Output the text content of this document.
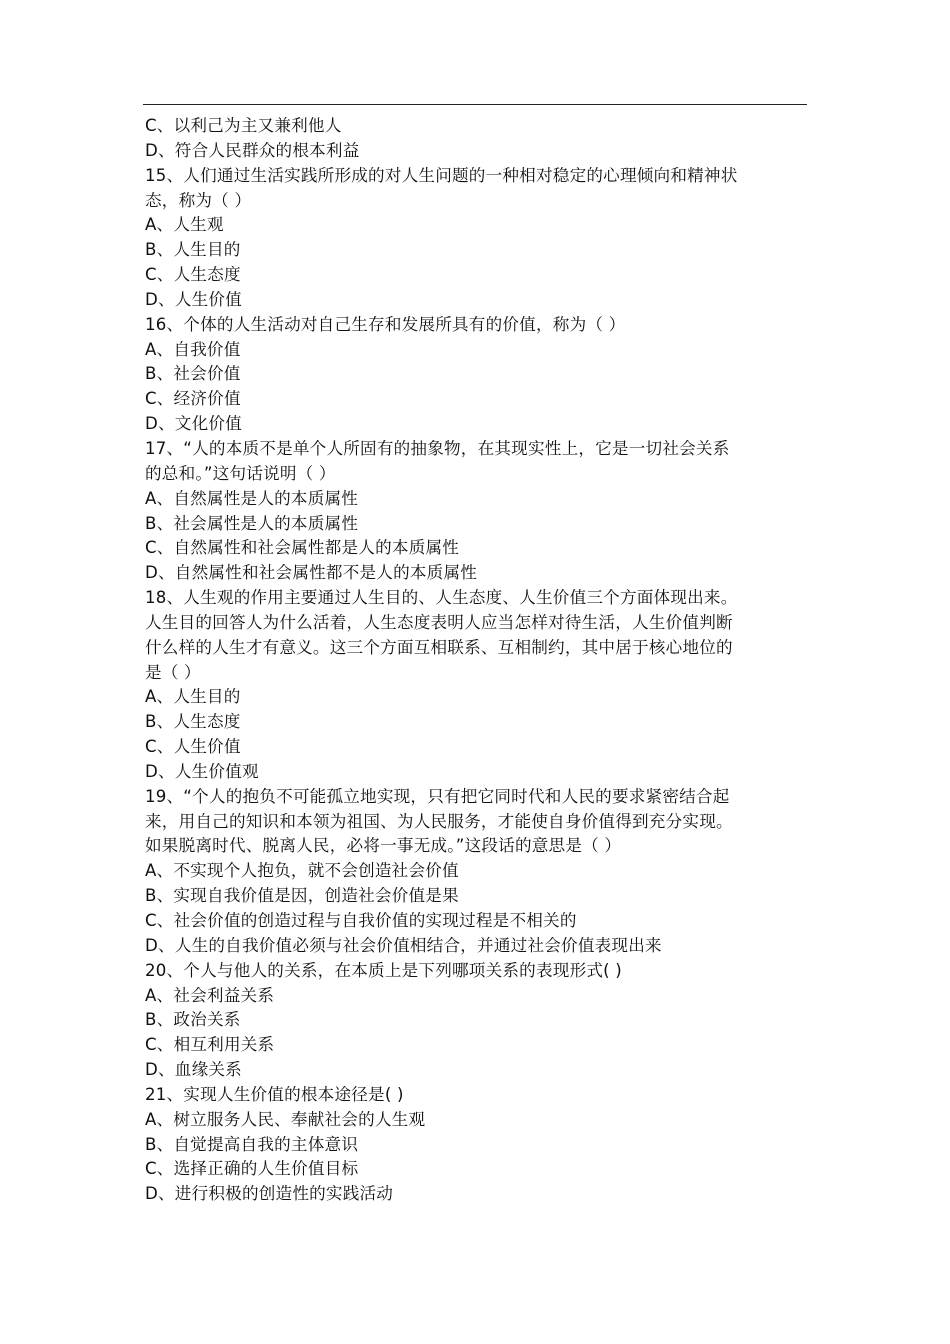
C、以利己为主又兼利他人
D、符合人民群众的根本利益
15、人们通过生活实践所形成的对人生问题的一种相对稳定的心理倾向和精神状
态，称为（ ）
A、人生观
B、人生目的
C、人生态度
D、人生价值
16、个体的人生活动对自己生存和发展所具有的价值，称为（ ）
A、自我价值
B、社会价值
C、经济价值
D、文化价值
17、“人的本质不是单个人所固有的抽象物，在其现实性上，它是一切社会关系
的总和。”这句话说明（ ）
A、自然属性是人的本质属性
B、社会属性是人的本质属性
C、自然属性和社会属性都是人的本质属性
D、自然属性和社会属性都不是人的本质属性
18、人生观的作用主要通过人生目的、人生态度、人生价值三个方面体现出来。
人生目的回答人为什么活着，人生态度表明人应当怎样对待生活，人生价值判断
什么样的人生才有意义。这三个方面互相联系、互相制约，其中居于核心地位的
是（ ）
A、人生目的
B、人生态度
C、人生价值
D、人生价值观
19、“个人的抱负不可能孤立地实现，只有把它同时代和人民的要求紧密结合起
来，用自己的知识和本领为祖国、为人民服务，才能使自身价值得到充分实现。
如果脱离时代、脱离人民，必将一事无成。”这段话的意思是（ ）
A、不实现个人抱负，就不会创造社会价值
B、实现自我价值是因，创造社会价值是果
C、社会价值的创造过程与自我价值的实现过程是不相关的
D、人生的自我价值必须与社会价值相结合，并通过社会价值表现出来
20、个人与他人的关系，在本质上是下列哪项关系的表现形式( )
A、社会利益关系
B、政治关系
C、相互利用关系
D、血缘关系
21、实现人生价值的根本途径是( )
A、树立服务人民、奉献社会的人生观
B、自觉提高自我的主体意识
C、选择正确的人生价值目标
D、进行积极的创造性的实践活动
